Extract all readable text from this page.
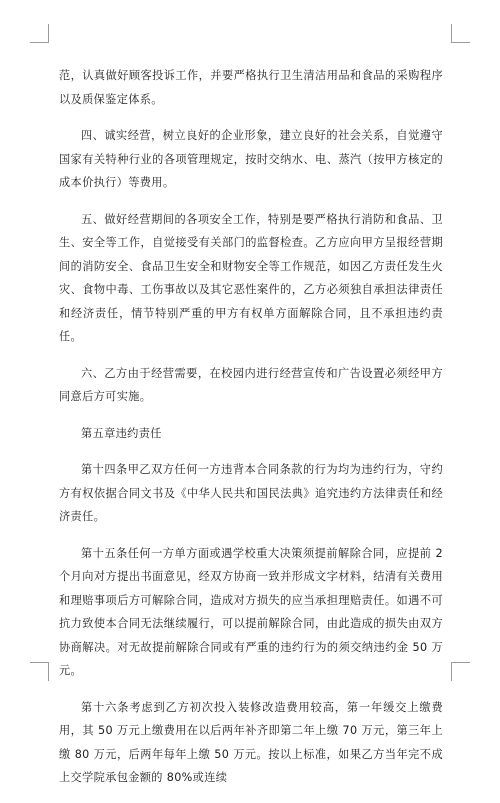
范，认真做好顾客投诉工作，并要严格执行卫生清洁用品和食品的采购程序以及质保鉴定体系。

四、诚实经营，树立良好的企业形象，建立良好的社会关系，自觉遵守国家有关特种行业的各项管理规定，按时交纳水、电、蒸汽（按甲方核定的成本价执行）等费用。

五、做好经营期间的各项安全工作，特别是要严格执行消防和食品、卫生、安全等工作，自觉接受有关部门的监督检查。乙方应向甲方呈报经营期间的消防安全、食品卫生安全和财物安全等工作规范，如因乙方责任发生火灾、食物中毒、工伤事故以及其它恶性案件的，乙方必须独自承担法律责任和经济责任，情节特别严重的甲方有权单方面解除合同，且不承担违约责任。

六、乙方由于经营需要，在校园内进行经营宣传和广告设置必须经甲方同意后方可实施。

第五章违约责任

第十四条甲乙双方任何一方违背本合同条款的行为均为违约行为，守约方有权依据合同文书及《中华人民共和国民法典》追究违约方法律责任和经济责任。

第十五条任何一方单方面或遇学校重大决策须提前解除合同，应提前 2 个月向对方提出书面意见，经双方协商一致并形成文字材料，结清有关费用和理赔事项后方可解除合同，造成对方损失的应当承担理赔责任。如遇不可抗力致使本合同无法继续履行，可以提前解除合同，由此造成的损失由双方协商解决。对无故提前解除合同或有严重的违约行为的须交纳违约金 50 万元。

第十六条考虑到乙方初次投入装修改造费用较高，第一年缓交上缴费用，其 50 万元上缴费用在以后两年补齐即第二年上缴 70 万元，第三年上缴 80 万元，后两年每年上缴 50 万元。按以上标准，如果乙方当年完不成上交学院承包金额的 80%或连续
